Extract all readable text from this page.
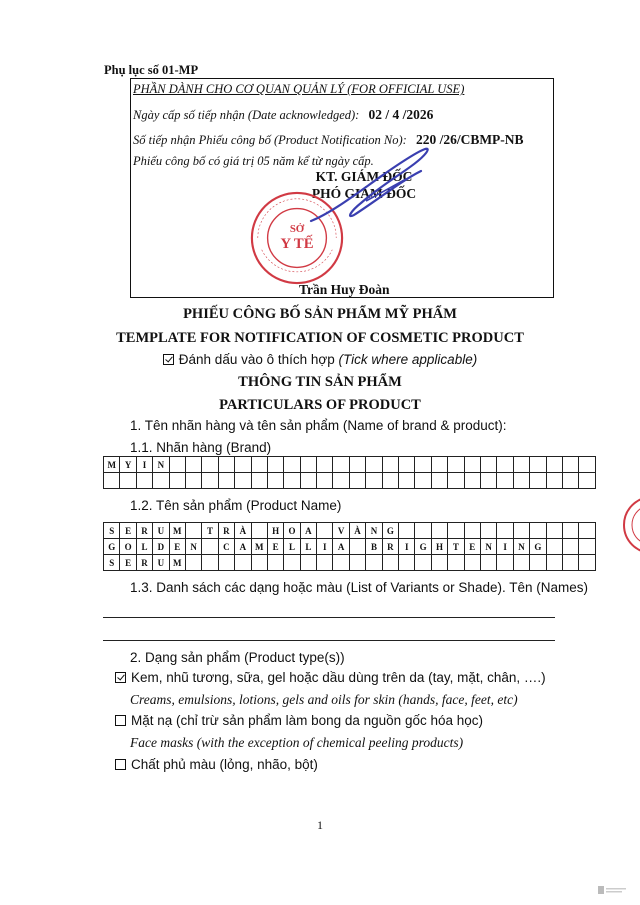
Phụ lục số 01-MP
PHẦN DÀNH CHO CƠ QUAN QUẢN LÝ (FOR OFFICIAL USE)
Ngày cấp số tiếp nhận (Date acknowledged): 02 / 4 /2026
Số tiếp nhận Phiếu công bố (Product Notification No): 220 /26/CBMP-NB
Phiếu công bố có giá trị 05 năm kể từ ngày cấp.
KT. GIÁM ĐỐC
PHÓ GIÁM ĐỐC
SỞ
Y TẾ
Trần Huy Đoàn
PHIẾU CÔNG BỐ SẢN PHẨM MỸ PHẨM
TEMPLATE FOR NOTIFICATION OF COSMETIC PRODUCT
Đánh dấu vào ô thích hợp (Tick where applicable)
THÔNG TIN SẢN PHẨM
PARTICULARS OF PRODUCT
1. Tên nhãn hàng và tên sản phẩm (Name of brand & product):
1.1. Nhãn hàng (Brand)
M	Y	I	N																										

1.2. Tên sản phẩm (Product Name)
S	E	R	U	M		T	R	À		H	O	A		V	À	N	G												
G	O	L	D	E	N		C	A	M	E	L	L	I	A		B	R	I	G	H	T	E	N	I	N	G			
S	E	R	U	M																									
1.3. Danh sách các dạng hoặc màu (List of Variants or Shade). Tên (Names)
2. Dạng sản phẩm (Product type(s))
Kem, nhũ tương, sữa, gel hoặc dầu dùng trên da (tay, mặt, chân, ….)
Creams, emulsions, lotions, gels and oils for skin (hands, face, feet, etc)
Mặt nạ (chỉ trừ sản phẩm làm bong da nguồn gốc hóa học)
Face masks (with the exception of chemical peeling products)
Chất phủ màu (lỏng, nhão, bột)
1
